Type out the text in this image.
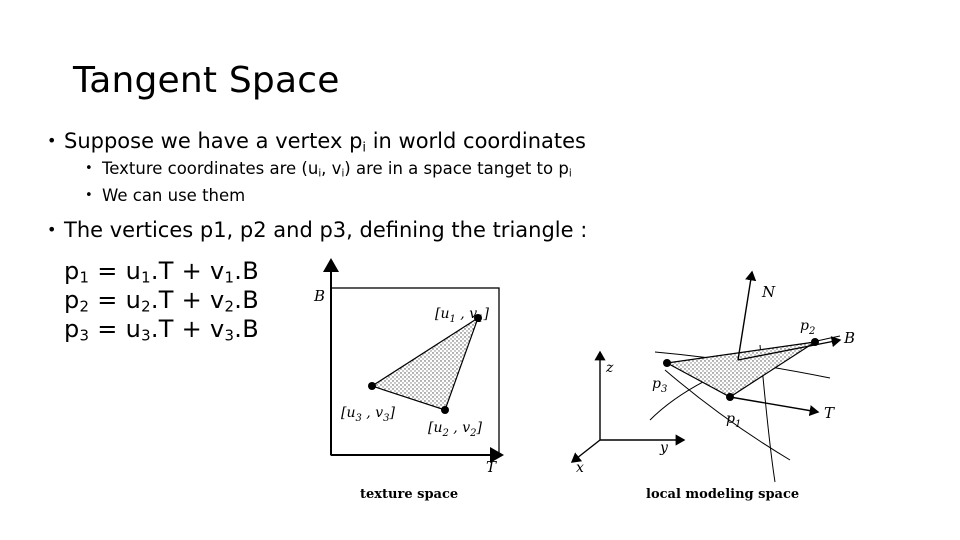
Tangent Space
• Suppose we have a vertex $p_i$ in world coordinates
• Texture coordinates are ($u_i$, $v_i$) are in a space tanget to $p_i$
• We can use them
• The vertices p1, p2 and p3, defining the triangle :
$p_1 = u_1.T + v_1.B$
$p_2 = u_2.T + v_2.B$
$p_3 = u_3.T + v_3.B$
B
T
[$u_1$ , $v_1$]
[$u_3$ , $v_3$]
[$u_2$ , $v_2$]
texture space
z
y
x
N
B
T
$p_2$
$p_3$
$p_1$
local modeling space
